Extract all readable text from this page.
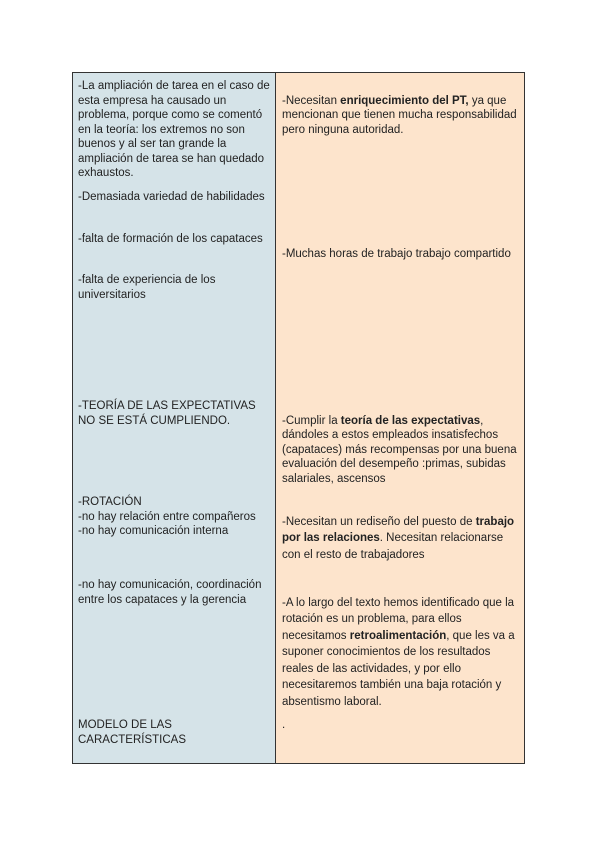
-La ampliación de tarea en el caso de esta empresa ha causado un problema, porque como se comentó en la teoría: los extremos no son buenos y al ser tan grande la ampliación de tarea se han quedado exhaustos.
-Demasiada variedad de habilidades
-falta de formación de los capataces
-falta de experiencia de los universitarios
-TEORÍA DE LAS EXPECTATIVAS NO SE ESTÁ CUMPLIENDO.
-ROTACIÓN
-no hay relación entre compañeros
-no hay comunicación interna
-no hay comunicación, coordinación entre los capataces y la gerencia
MODELO DE LAS CARACTERÍSTICAS

-Necesitan enriquecimiento del PT, ya que mencionan que tienen mucha responsabilidad pero ninguna autoridad.

-Muchas horas de trabajo trabajo compartido

-Cumplir la teoría de las expectativas, dándoles a estos empleados insatisfechos (capataces) más recompensas por una buena evaluación del desempeño :primas, subidas salariales, ascensos

-Necesitan un rediseño del puesto de trabajo por las relaciones. Necesitan relacionarse con el resto de trabajadores

-A lo largo del texto hemos identificado que la rotación es un problema, para ellos necesitamos retroalimentación, que les va a suponer conocimientos de los resultados reales de las actividades, y por ello necesitaremos también una baja rotación y absentismo laboral.

.
